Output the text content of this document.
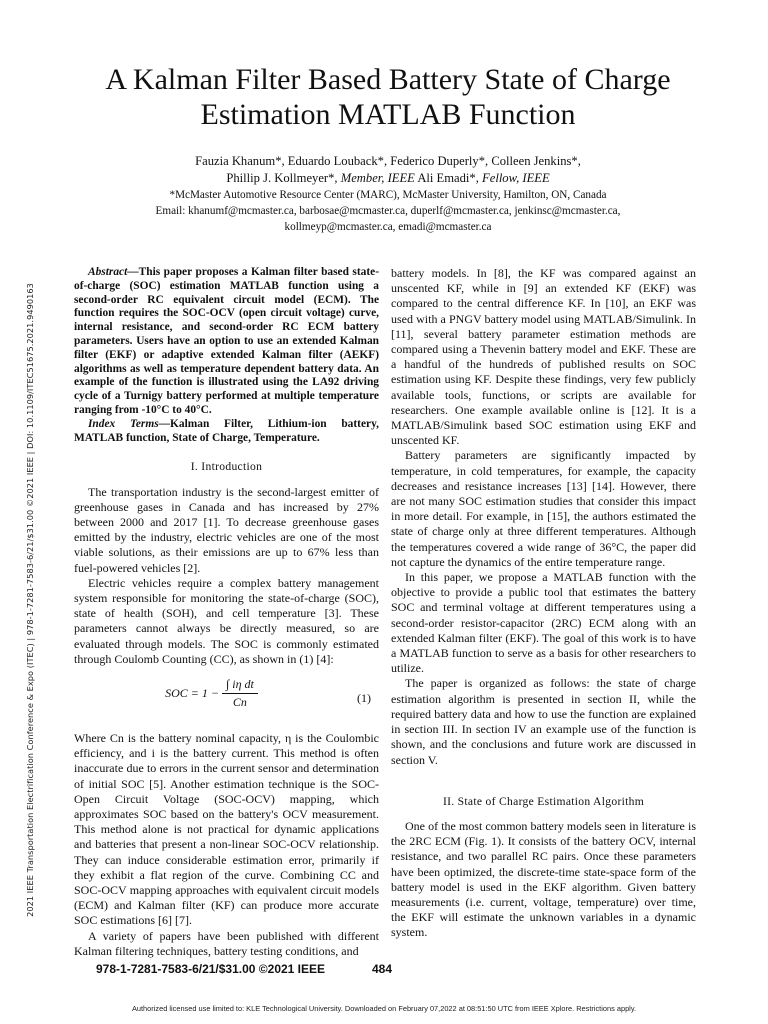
2021 IEEE Transportation Electrification Conference & Expo (ITEC) | 978-1-7281-7583-6/21/$31.00 ©2021 IEEE | DOI: 10.1109/ITEC51675.2021.9490163
A Kalman Filter Based Battery State of Charge
Estimation MATLAB Function
Fauzia Khanum*, Eduardo Louback*, Federico Duperly*, Colleen Jenkins*,
Phillip J. Kollmeyer*, Member, IEEE Ali Emadi*, Fellow, IEEE
*McMaster Automotive Resource Center (MARC), McMaster University, Hamilton, ON, Canada
Email: khanumf@mcmaster.ca, barbosae@mcmaster.ca, duperlf@mcmaster.ca, jenkinsc@mcmaster.ca,
kollmeyp@mcmaster.ca, emadi@mcmaster.ca

Abstract—This paper proposes a Kalman filter based state-of-charge (SOC) estimation MATLAB function using a second-order RC equivalent circuit model (ECM). The function requires the SOC-OCV (open circuit voltage) curve, internal resistance, and second-order RC ECM battery parameters. Users have an option to use an extended Kalman filter (EKF) or adaptive extended Kalman filter (AEKF) algorithms as well as temperature dependent battery data. An example of the function is illustrated using the LA92 driving cycle of a Turnigy battery performed at multiple temperature ranging from -10°C to 40°C.

Index Terms—Kalman Filter, Lithium-ion battery, MATLAB function, State of Charge, Temperature.

I. Introduction

The transportation industry is the second-largest emitter of greenhouse gases in Canada and has increased by 27% between 2000 and 2017 [1]. To decrease greenhouse gases emitted by the industry, electric vehicles are one of the most viable solutions, as their emissions are up to 67% less than fuel-powered vehicles [2].

Electric vehicles require a complex battery management system responsible for monitoring the state-of-charge (SOC), state of health (SOH), and cell temperature [3]. These parameters cannot always be directly measured, so are evaluated through models. The SOC is commonly estimated through Coulomb Counting (CC), as shown in (1) [4]:

SOC = $1 - \frac{\text{∫ iη dt}}{Cn}$	(1)

Where Cn is the battery nominal capacity, η is the Coulombic efficiency, and i is the battery current. This method is often inaccurate due to errors in the current sensor and determination of initial SOC [5]. Another estimation technique is the SOC-Open Circuit Voltage (SOC-OCV) mapping, which approximates SOC based on the battery's OCV measurement. This method alone is not practical for dynamic applications and batteries that present a non-linear SOC-OCV relationship. They can induce considerable estimation error, primarily if they exhibit a flat region of the curve. Combining CC and SOC-OCV mapping approaches with equivalent circuit models (ECM) and Kalman filter (KF) can produce more accurate SOC estimations [6] [7].

A variety of papers have been published with different Kalman filtering techniques, battery testing conditions, and

battery models. In [8], the KF was compared against an unscented KF, while in [9] an extended KF (EKF) was compared to the central difference KF. In [10], an EKF was used with a PNGV battery model using MATLAB/Simulink. In [11], several battery parameter estimation methods are compared using a Thevenin battery model and EKF. These are a handful of the hundreds of published results on SOC estimation using KF. Despite these findings, very few publicly available tools, functions, or scripts are available for researchers. One example available online is [12]. It is a MATLAB/Simulink based SOC estimation using EKF and unscented KF.

Battery parameters are significantly impacted by temperature, in cold temperatures, for example, the capacity decreases and resistance increases [13] [14]. However, there are not many SOC estimation studies that consider this impact in more detail. For example, in [15], the authors estimated the state of charge only at three different temperatures. Although the temperatures covered a wide range of 36°C, the paper did not capture the dynamics of the entire temperature range.

In this paper, we propose a MATLAB function with the objective to provide a public tool that estimates the battery SOC and terminal voltage at different temperatures using a second-order resistor-capacitor (2RC) ECM along with an extended Kalman filter (EKF). The goal of this work is to have a MATLAB function to serve as a basis for other researchers to utilize.

The paper is organized as follows: the state of charge estimation algorithm is presented in section II, while the required battery data and how to use the function are explained in section III. In section IV an example use of the function is shown, and the conclusions and future work are discussed in section V.

II. State of Charge Estimation Algorithm

One of the most common battery models seen in literature is the 2RC ECM (Fig. 1). It consists of the battery OCV, internal resistance, and two parallel RC pairs. Once these parameters have been optimized, the discrete-time state-space form of the battery model is used in the EKF algorithm. Given battery measurements (i.e. current, voltage, temperature) over time, the EKF will estimate the unknown variables in a dynamic system.

978-1-7281-7583-6/21/$31.00 ©2021 IEEE	484
Authorized licensed use limited to: KLE Technological University. Downloaded on February 07,2022 at 08:51:50 UTC from IEEE Xplore. Restrictions apply.
